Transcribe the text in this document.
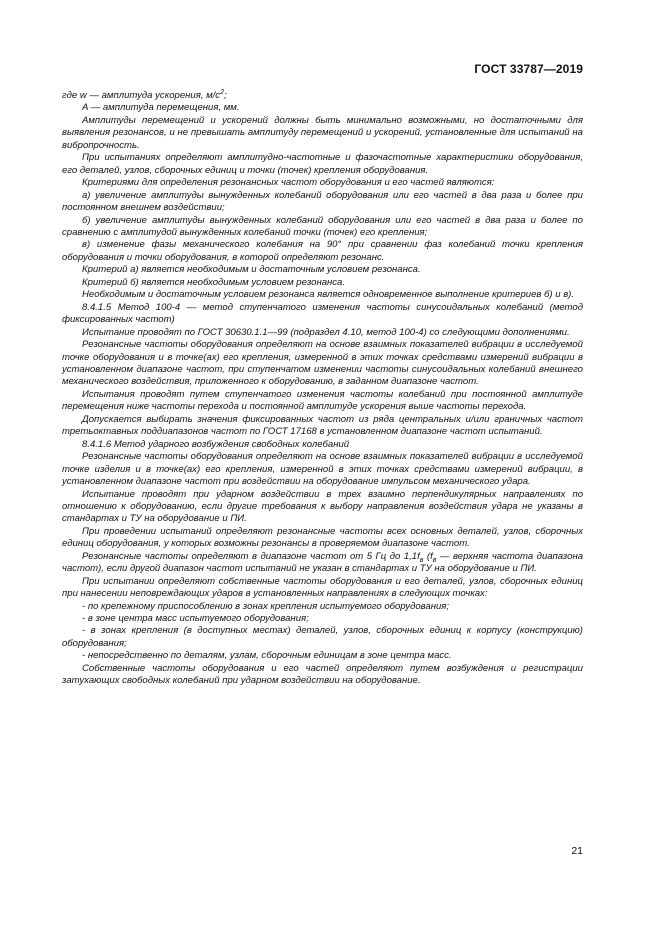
ГОСТ 33787—2019

где w — амплитуда ускорения, $м/с^2$;

A — амплитуда перемещения, мм.

Амплитуды перемещений и ускорений должны быть минимально возможными, но достаточными для выявления резонансов, и не превышать амплитуду перемещений и ускорений, установленные для испытаний на вибропрочность.

При испытаниях определяют амплитудно-частотные и фазочастотные характеристики оборудования, его деталей, узлов, сборочных единиц и точки (точек) крепления оборудования.

Критериями для определения резонансных частот оборудования и его частей являются:

а) увеличение амплитуды вынужденных колебаний оборудования или его частей в два раза и более при постоянном внешнем воздействии;

б) увеличение амплитуды вынужденных колебаний оборудования или его частей в два раза и более по сравнению с амплитудой вынужденных колебаний точки (точек) его крепления;

в) изменение фазы механического колебания на 90° при сравнении фаз колебаний точки крепления оборудования и точки оборудования, в которой определяют резонанс.

Критерий а) является необходимым и достаточным условием резонанса.

Критерий б) является необходимым условием резонанса.

Необходимым и достаточным условием резонанса является одновременное выполнение критериев б) и в).

8.4.1.5 Метод 100-4 — метод ступенчатого изменения частоты синусоидальных колебаний (метод фиксированных частот)

Испытание проводят по ГОСТ 30630.1.1—99 (подраздел 4.10, метод 100-4) со следующими дополнениями.

Резонансные частоты оборудования определяют на основе взаимных показателей вибрации в исследуемой точке оборудования и в точке(ах) его крепления, измеренной в этих точках средствами измерений вибрации в установленном диапазоне частот, при ступенчатом изменении частоты синусоидальных колебаний внешнего механического воздействия, приложенного к оборудованию, в заданном диапазоне частот.

Испытания проводят путем ступенчатого изменения частоты колебаний при постоянной амплитуде перемещения ниже частоты перехода и постоянной амплитуде ускорения выше частоты перехода.

Допускается выбирать значения фиксированных частот из ряда центральных и/или граничных частот третьоктавных поддиапазонов частот по ГОСТ 17168 в установленном диапазоне частот испытаний.

8.4.1.6 Метод ударного возбуждения свободных колебаний

Резонансные частоты оборудования определяют на основе взаимных показателей вибрации в исследуемой точке изделия и в точке(ах) его крепления, измеренной в этих точках средствами измерений вибрации, в установленном диапазоне частот при воздействии на оборудование импульсом механического удара.

Испытание проводят при ударном воздействии в трех взаимно перпендикулярных направлениях по отношению к оборудованию, если другие требования к выбору направления воздействия удара не указаны в стандартах и ТУ на оборудование и ПИ.

При проведении испытаний определяют резонансные частоты всех основных деталей, узлов, сборочных единиц оборудования, у которых возможны резонансы в проверяемом диапазоне частот.

Резонансные частоты определяют в диапазоне частот от 5 Гц до $1,1f_в$ ($f_в$ — верхняя частота диапазона частот), если другой диапазон частот испытаний не указан в стандартах и ТУ на оборудование и ПИ.

При испытании определяют собственные частоты оборудования и его деталей, узлов, сборочных единиц при нанесении неповреждающих ударов в установленных направлениях в следующих точках:

- по крепежному приспособлению в зонах крепления испытуемого оборудования;

- в зоне центра масс испытуемого оборудования;

- в зонах крепления (в доступных местах) деталей, узлов, сборочных единиц к корпусу (конструкцию) оборудования;

- непосредственно по деталям, узлам, сборочным единицам в зоне центра масс.

Собственные частоты оборудования и его частей определяют путем возбуждения и регистрации затухающих свободных колебаний при ударном воздействии на оборудование.

21
